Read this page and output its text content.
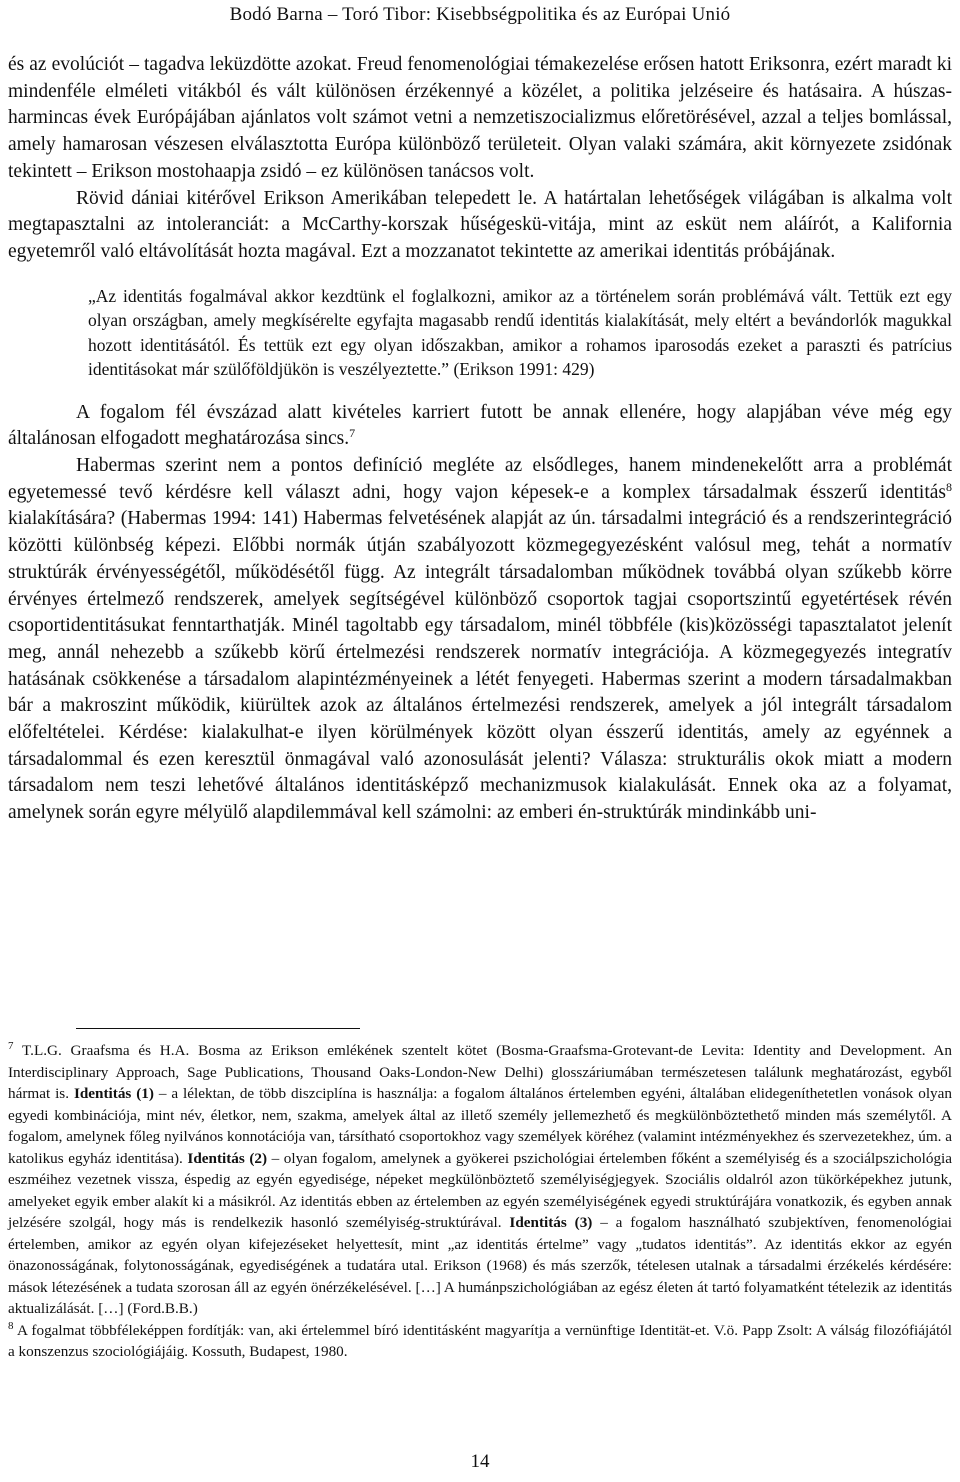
Bodó Barna – Toró Tibor: Kisebbségpolitika és az Európai Unió

és az evolúciót – tagadva leküzdötte azokat. Freud fenomenológiai témakezelése erősen hatott Eriksonra, ezért maradt ki mindenféle elméleti vitákból és vált különösen érzékennyé a közélet, a politika jelzéseire és hatásaira. A húszas-harmincas évek Európájában ajánlatos volt számot vetni a nemzetiszocializmus előretörésével, azzal a teljes bomlással, amely hamarosan vészesen elválasztotta Európa különböző területeit. Olyan valaki számára, akit környezete zsidónak tekintett – Erikson mostohaapja zsidó – ez különösen tanácsos volt.

Rövid dániai kitérővel Erikson Amerikában telepedett le. A határtalan lehetőségek világában is alkalma volt megtapasztalni az intoleranciát: a McCarthy-korszak hűségeskü-vitája, mint az esküt nem aláírót, a Kalifornia egyetemről való eltávolítását hozta magával. Ezt a mozzanatot tekintette az amerikai identitás próbájának.

„Az identitás fogalmával akkor kezdtünk el foglalkozni, amikor az a történelem során problémává vált. Tettük ezt egy olyan országban, amely megkísérelte egyfajta magasabb rendű identitás kialakítását, mely eltért a bevándorlók magukkal hozott identitásától. És tettük ezt egy olyan időszakban, amikor a rohamos iparosodás ezeket a paraszti és patrícius identitásokat már szülőföldjükön is veszélyeztette.” (Erikson 1991: 429)

A fogalom fél évszázad alatt kivételes karriert futott be annak ellenére, hogy alapjában véve még egy általánosan elfogadott meghatározása sincs.$^7$

Habermas szerint nem a pontos definíció megléte az elsődleges, hanem mindenekelőtt arra a problémát egyetemessé tevő kérdésre kell választ adni, hogy vajon képesek-e a komplex társadalmak ésszerű identitás$^8$ kialakítására? (Habermas 1994: 141) Habermas felvetésének alapját az ún. társadalmi integráció és a rendszerintegráció közötti különbség képezi. Előbbi normák útján szabályozott közmegegyezésként valósul meg, tehát a normatív struktúrák érvényességétől, működésétől függ. Az integrált társadalomban működnek továbbá olyan szűkebb körre érvényes értelmező rendszerek, amelyek segítségével különböző csoportok tagjai csoportszintű egyetértések révén csoportidentitásukat fenntarthatják. Minél tagoltabb egy társadalom, minél többféle (kis)közösségi tapasztalatot jelenít meg, annál nehezebb a szűkebb körű értelmezési rendszerek normatív integrációja. A közmegegyezés integratív hatásának csökkenése a társadalom alapintézményeinek a létét fenyegeti. Habermas szerint a modern társadalmakban bár a makroszint működik, kiürültek azok az általános értelmezési rendszerek, amelyek a jól integrált társadalom előfeltételei. Kérdése: kialakulhat-e ilyen körülmények között olyan ésszerű identitás, amely az egyénnek a társadalommal és ezen keresztül önmagával való azonosulását jelenti? Válasza: strukturális okok miatt a modern társadalom nem teszi lehetővé általános identitásképző mechanizmusok kialakulását. Ennek oka az a folyamat, amelynek során egyre mélyülő alapdilemmával kell számolni: az emberi én-struktúrák mindinkább uni-

$^7$ T.L.G. Graafsma és H.A. Bosma az Erikson emlékének szentelt kötet (Bosma-Graafsma-Grotevant-de Levita: Identity and Development. An Interdisciplinary Approach, Sage Publications, Thousand Oaks-London-New Delhi) glosszáriumában természetesen találunk meghatározást, egyből hármat is. Identitás (1) – a lélektan, de több diszciplína is használja: a fogalom általános értelemben egyéni, általában elidegeníthetetlen vonások olyan egyedi kombinációja, mint név, életkor, nem, szakma, amelyek által az illető személy jellemezhető és megkülönböztethető minden más személytől. A fogalom, amelynek főleg nyilvános konnotációja van, társítható csoportokhoz vagy személyek köréhez (valamint intézményekhez és szervezetekhez, úm. a katolikus egyház identitása). Identitás (2) – olyan fogalom, amelynek a gyökerei pszichológiai értelemben főként a személyiség és a szociálpszichológia eszméihez vezetnek vissza, éspedig az egyén egyedisége, népeket megkülönböztető személyiségjegyek. Szociális oldalról azon tükörképekhez jutunk, amelyeket egyik ember alakít ki a másikról. Az identitás ebben az értelemben az egyén személyiségének egyedi struktúrájára vonatkozik, és egyben annak jelzésére szolgál, hogy más is rendelkezik hasonló személyiség-struktúrával. Identitás (3) – a fogalom használható szubjektíven, fenomenológiai értelemben, amikor az egyén olyan kifejezéseket helyettesít, mint „az identitás értelme” vagy „tudatos identitás”. Az identitás ekkor az egyén önazonosságának, folytonosságának, egyediségének a tudatára utal. Erikson (1968) és más szerzők, tételesen utalnak a társadalmi érzékelés kérdésére: mások létezésének a tudata szorosan áll az egyén önérzékelésével. […] A humánpszichológiában az egész életen át tartó folyamatként tételezik az identitás aktualizálását. […] (Ford.B.B.)

$^8$ A fogalmat többféleképpen fordítják: van, aki értelemmel bíró identitásként magyarítja a vernünftige Identität-et. V.ö. Papp Zsolt: A válság filozófiájától a konszenzus szociológiájáig. Kossuth, Budapest, 1980.

14
